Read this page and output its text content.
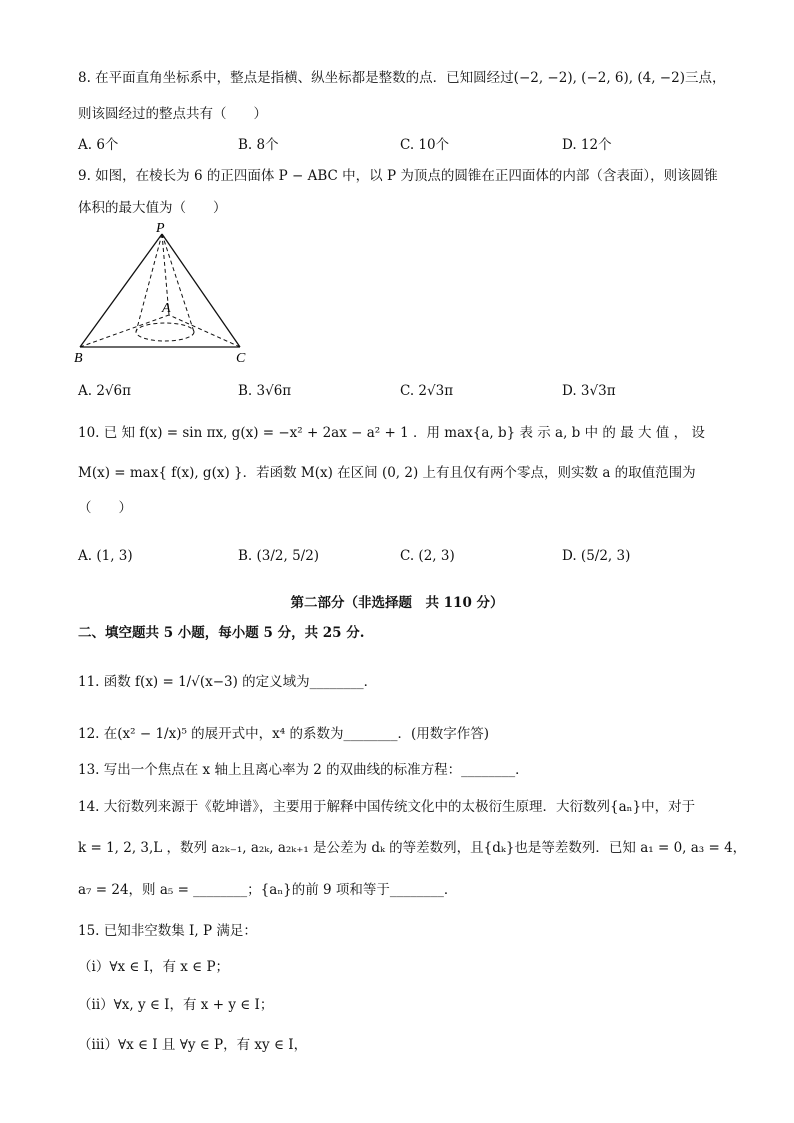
8. 在平面直角坐标系中，整点是指横、纵坐标都是整数的点．已知圆经过(−2, −2), (−2, 6), (4, −2)三点，
则该圆经过的整点共有（　　）
A. 6个	B. 8个	C. 10个	D. 12个
9. 如图，在棱长为 6 的正四面体 P − ABC 中，以 P 为顶点的圆锥在正四面体的内部（含表面），则该圆锥
体积的最大值为（　　）
P
A
B	C
A. 2√6π	B. 3√6π	C. 2√3π	D. 3√3π
10. 已 知 f(x) = sin πx, g(x) = −x² + 2ax − a² + 1 ．用 max{a, b} 表 示 a, b 中 的 最 大 值 ， 设
M(x) = max{ f(x), g(x) }．若函数 M(x) 在区间 (0, 2) 上有且仅有两个零点，则实数 a 的取值范围为
（　　）
A. (1, 3)	B. (3/2, 5/2)	C. (2, 3)	D. (5/2, 3)
第二部分（非选择题　共 110 分）
二、填空题共 5 小题，每小题 5 分，共 25 分.
11. 函数 f(x) = 1/√(x−3) 的定义域为________．
12. 在(x² − 1/x)⁵ 的展开式中，x⁴ 的系数为________．(用数字作答)
13. 写出一个焦点在 x 轴上且离心率为 2 的双曲线的标准方程：________．
14. 大衍数列来源于《乾坤谱》，主要用于解释中国传统文化中的太极衍生原理．大衍数列{aₙ}中，对于
k = 1, 2, 3,L ，数列 a₂ₖ₋₁, a₂ₖ, a₂ₖ₊₁ 是公差为 dₖ 的等差数列，且{dₖ}也是等差数列．已知 a₁ = 0, a₃ = 4，
a₇ = 24，则 a₅ = ________；{aₙ}的前 9 项和等于________．
15. 已知非空数集 I, P 满足：
（i）∀x ∈ I，有 x ∈ P；
（ii）∀x, y ∈ I，有 x + y ∈ I；
（iii）∀x ∈ I 且 ∀y ∈ P，有 xy ∈ I，
